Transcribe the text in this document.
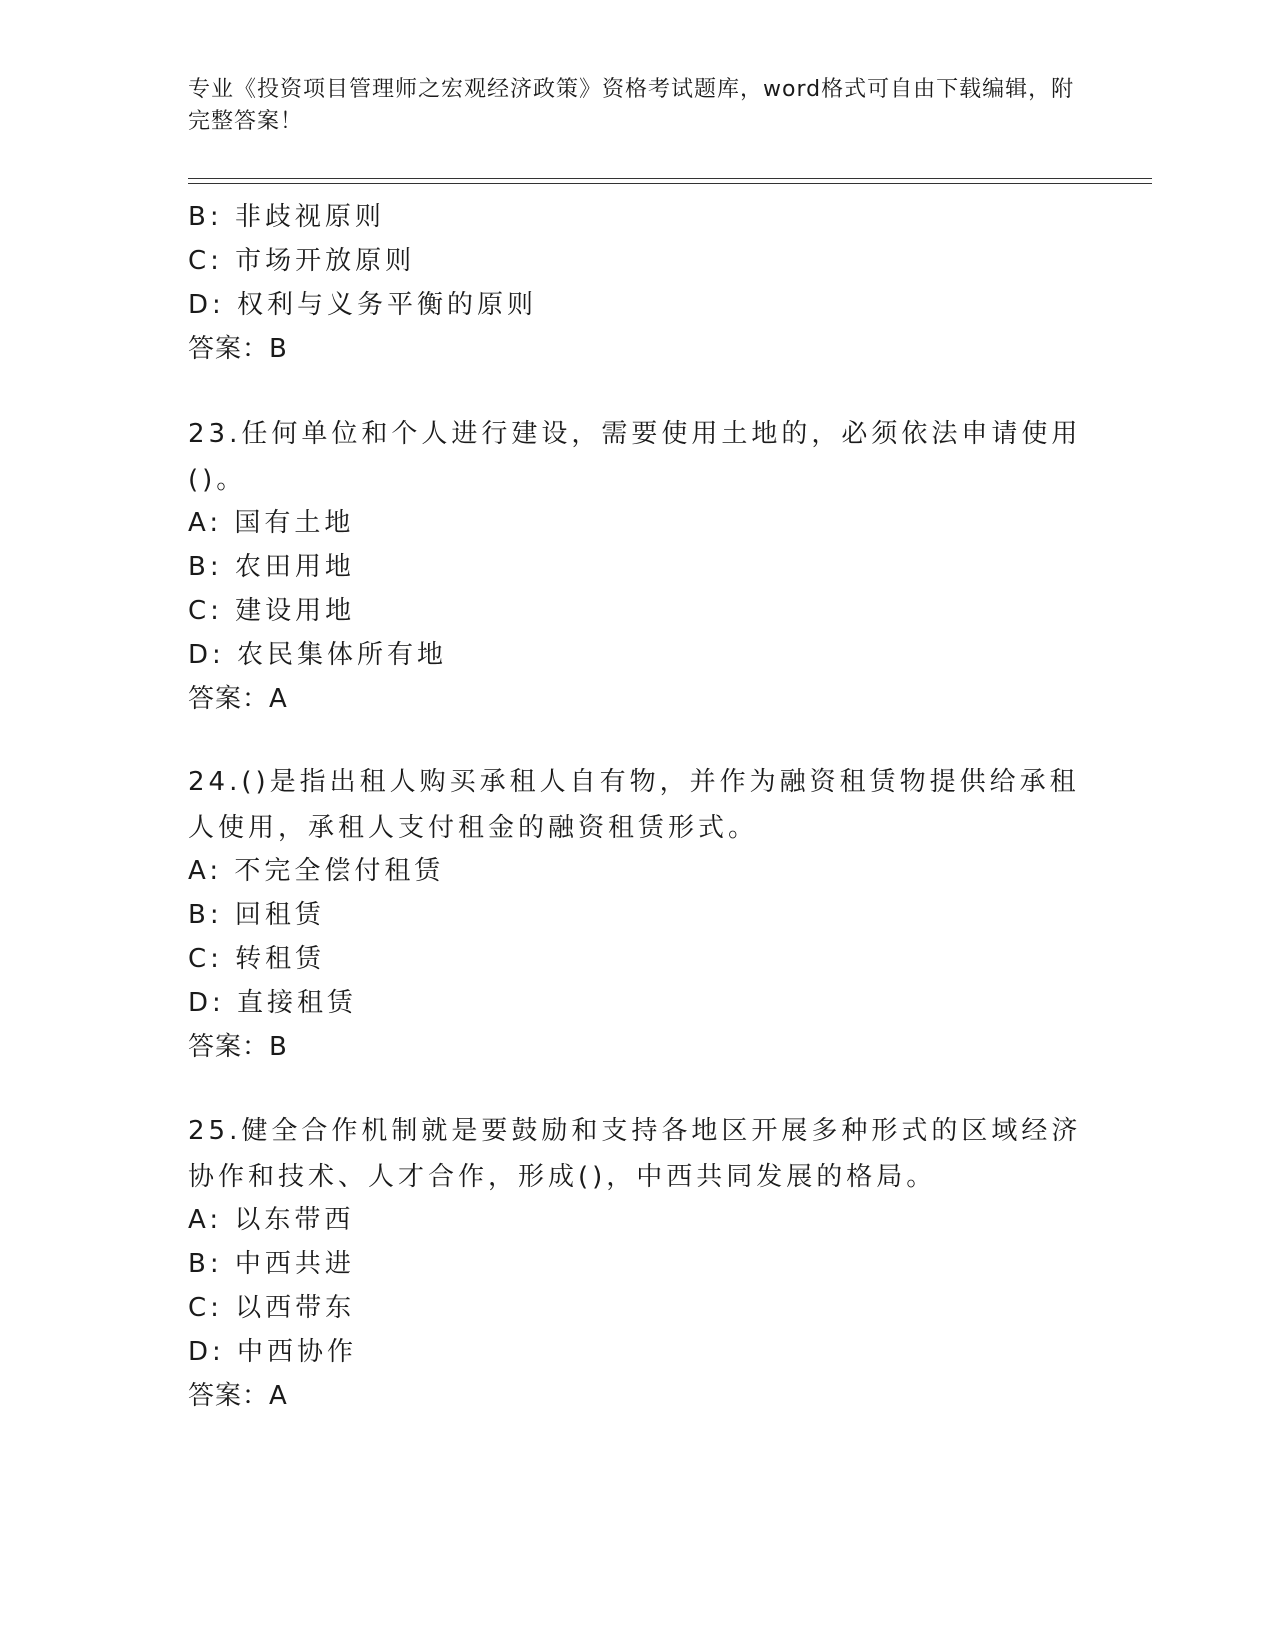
专业《投资项目管理师之宏观经济政策》资格考试题库，word格式可自由下载编辑，附完整答案！
B: 非歧视原则
C: 市场开放原则
D: 权利与义务平衡的原则
答案：B
23.任何单位和个人进行建设，需要使用土地的，必须依法申请使用()。
A: 国有土地
B: 农田用地
C: 建设用地
D: 农民集体所有地
答案：A
24.()是指出租人购买承租人自有物，并作为融资租赁物提供给承租人使用，承租人支付租金的融资租赁形式。
A: 不完全偿付租赁
B: 回租赁
C: 转租赁
D: 直接租赁
答案：B
25.健全合作机制就是要鼓励和支持各地区开展多种形式的区域经济协作和技术、人才合作，形成()，中西共同发展的格局。
A: 以东带西
B: 中西共进
C: 以西带东
D: 中西协作
答案：A
